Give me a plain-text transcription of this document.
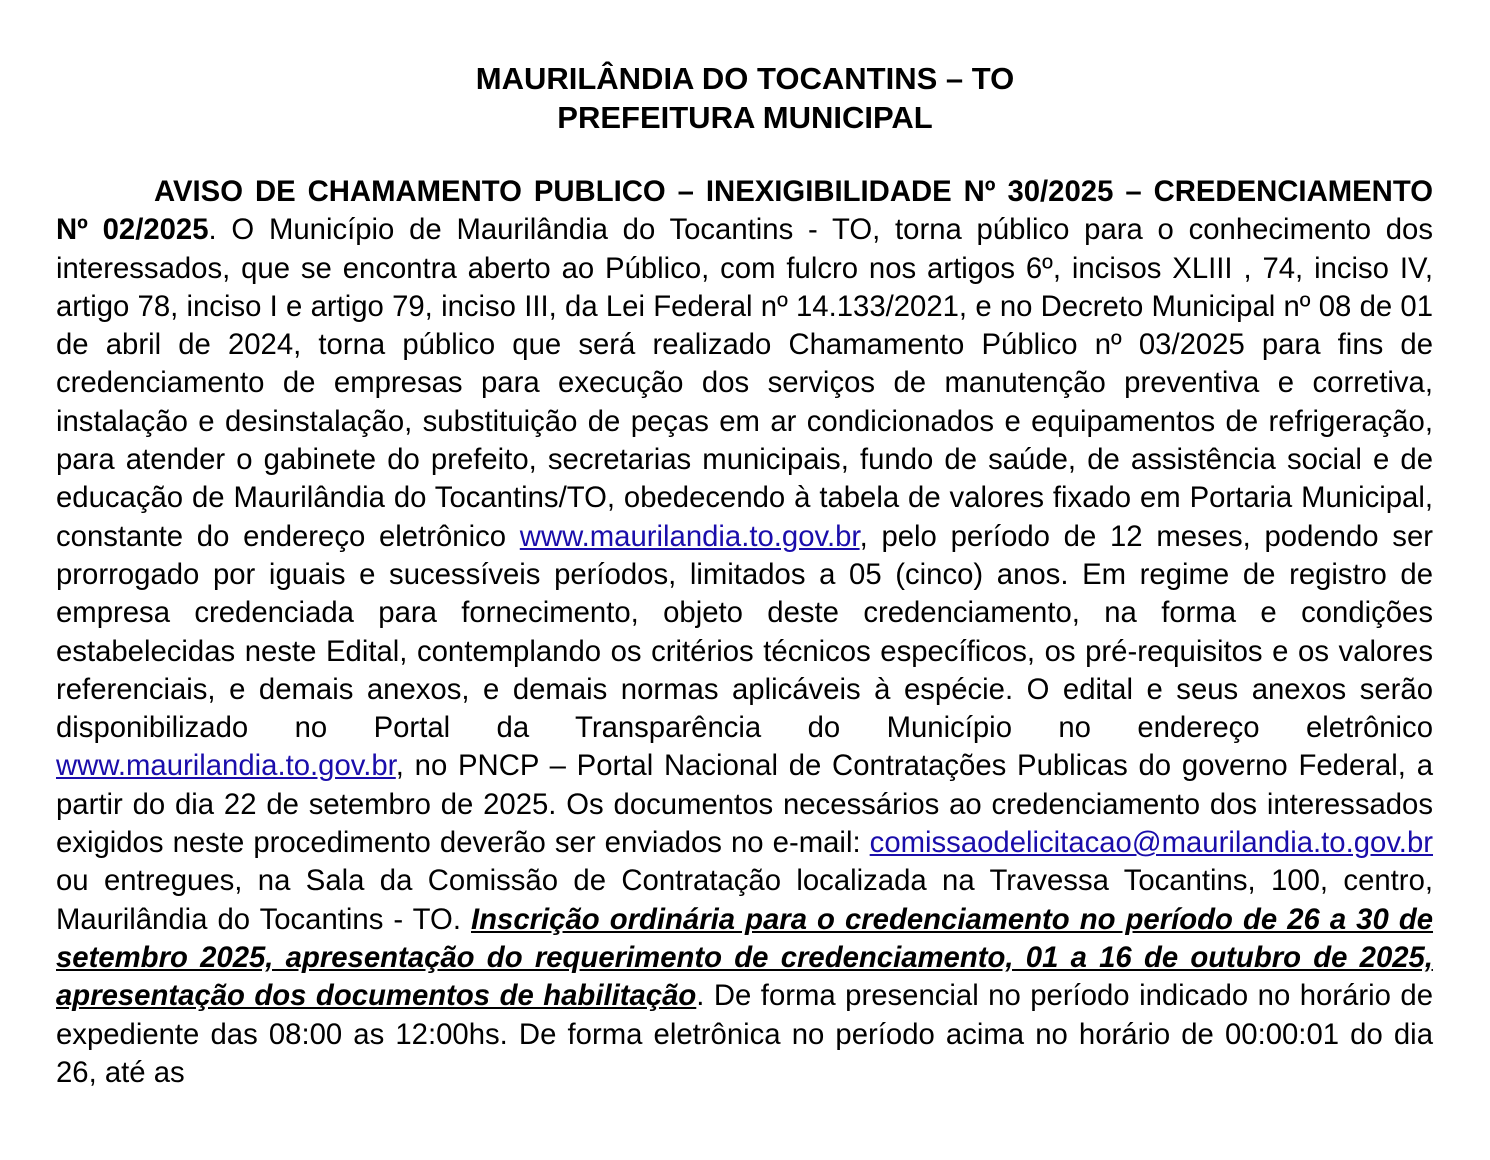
MAURILÂNDIA DO TOCANTINS – TO
PREFEITURA MUNICIPAL

AVISO DE CHAMAMENTO PUBLICO – INEXIGIBILIDADE Nº 30/2025 – CREDENCIAMENTO Nº 02/2025. O Município de Maurilândia do Tocantins - TO, torna público para o conhecimento dos interessados, que se encontra aberto ao Público, com fulcro nos artigos 6º, incisos XLIII , 74, inciso IV, artigo 78, inciso I e artigo 79, inciso III, da Lei Federal nº 14.133/2021, e no Decreto Municipal nº 08 de 01 de abril de 2024, torna público que será realizado Chamamento Público nº 03/2025 para fins de credenciamento de empresas para execução dos serviços de manutenção preventiva e corretiva, instalação e desinstalação, substituição de peças em ar condicionados e equipamentos de refrigeração, para atender o gabinete do prefeito, secretarias municipais, fundo de saúde, de assistência social e de educação de Maurilândia do Tocantins/TO, obedecendo à tabela de valores fixado em Portaria Municipal, constante do endereço eletrônico www.maurilandia.to.gov.br, pelo período de 12 meses, podendo ser prorrogado por iguais e sucessíveis períodos, limitados a 05 (cinco) anos. Em regime de registro de empresa credenciada para fornecimento, objeto deste credenciamento, na forma e condições estabelecidas neste Edital, contemplando os critérios técnicos específicos, os pré-requisitos e os valores referenciais, e demais anexos, e demais normas aplicáveis à espécie. O edital e seus anexos serão disponibilizado no Portal da Transparência do Município no endereço eletrônico www.maurilandia.to.gov.br, no PNCP – Portal Nacional de Contratações Publicas do governo Federal, a partir do dia 22 de setembro de 2025. Os documentos necessários ao credenciamento dos interessados exigidos neste procedimento deverão ser enviados no e-mail: comissaodelicitacao@maurilandia.to.gov.br ou entregues, na Sala da Comissão de Contratação localizada na Travessa Tocantins, 100, centro, Maurilândia do Tocantins - TO. Inscrição ordinária para o credenciamento no período de 26 a 30 de setembro 2025, apresentação do requerimento de credenciamento, 01 a 16 de outubro de 2025, apresentação dos documentos de habilitação. De forma presencial no período indicado no horário de expediente das 08:00 as 12:00hs. De forma eletrônica no período acima no horário de 00:00:01 do dia 26, até as
